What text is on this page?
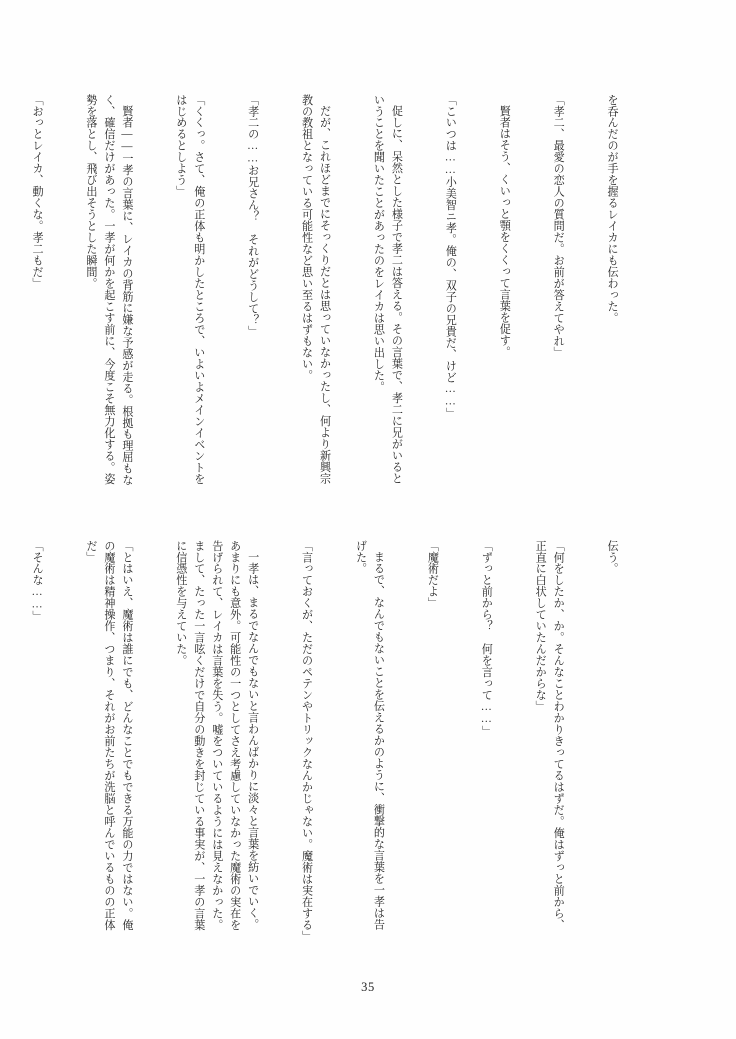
を呑んだのが手を握るレイカにも伝わった。

「孝二、最愛の恋人の質問だ。お前が答えてやれ」

賢者はそう、くいっと顎をくくって言葉を促す。

「こいつは……小美智ニ孝。俺の、双子の兄貴だ、けど……」

促しに、呆然とした様子で孝二は答える。その言葉で、孝二に兄がいるということを聞いたことがあったのをレイカは思い出した。

だが、これほどまでにそっくりだとは思っていなかったし、何より新興宗教の教祖となっている可能性など思い至るはずもない。

「孝二の……お兄さん？　それがどうして？」

「くくっ。さて、俺の正体も明かしたところで、いよいよメインイベントをはじめるとしよう」

賢者――一孝の言葉に、レイカの背筋に嫌な予感が走る。根拠も理屈もなく、確信だけがあった。一孝が何かを起こす前に、今度こそ無力化する。姿勢を落とし、飛び出そうとした瞬間。

「おっとレイカ、動くな。孝二もだ」

伝う。

「何をしたか、か。そんなことわかりきってるはずだ。俺はずっと前から、正直に白状していたんだからな」

「ずっと前から？　何を言って……」

「魔術だよ」

まるで、なんでもないことを伝えるかのように、衝撃的な言葉を一孝は告げた。

「言っておくが、ただのペテンやトリックなんかじゃない。魔術は実在する」

一孝は、まるでなんでもないと言わんばかりに淡々と言葉を紡いでいく。あまりにも意外。可能性の一つとしてさえ考慮していなかった魔術の実在を告げられて、レイカは言葉を失う。嘘をついているようには見えなかった。まして、たった一言呟くだけで自分の動きを封じている事実が、一孝の言葉に信憑性を与えていた。

「とはいえ、魔術は誰にでも、どんなことでもできる万能の力ではない。俺の魔術は精神操作、つまり、それがお前たちが洗脳と呼んでいるものの正体だ」

「そんな……」

35
